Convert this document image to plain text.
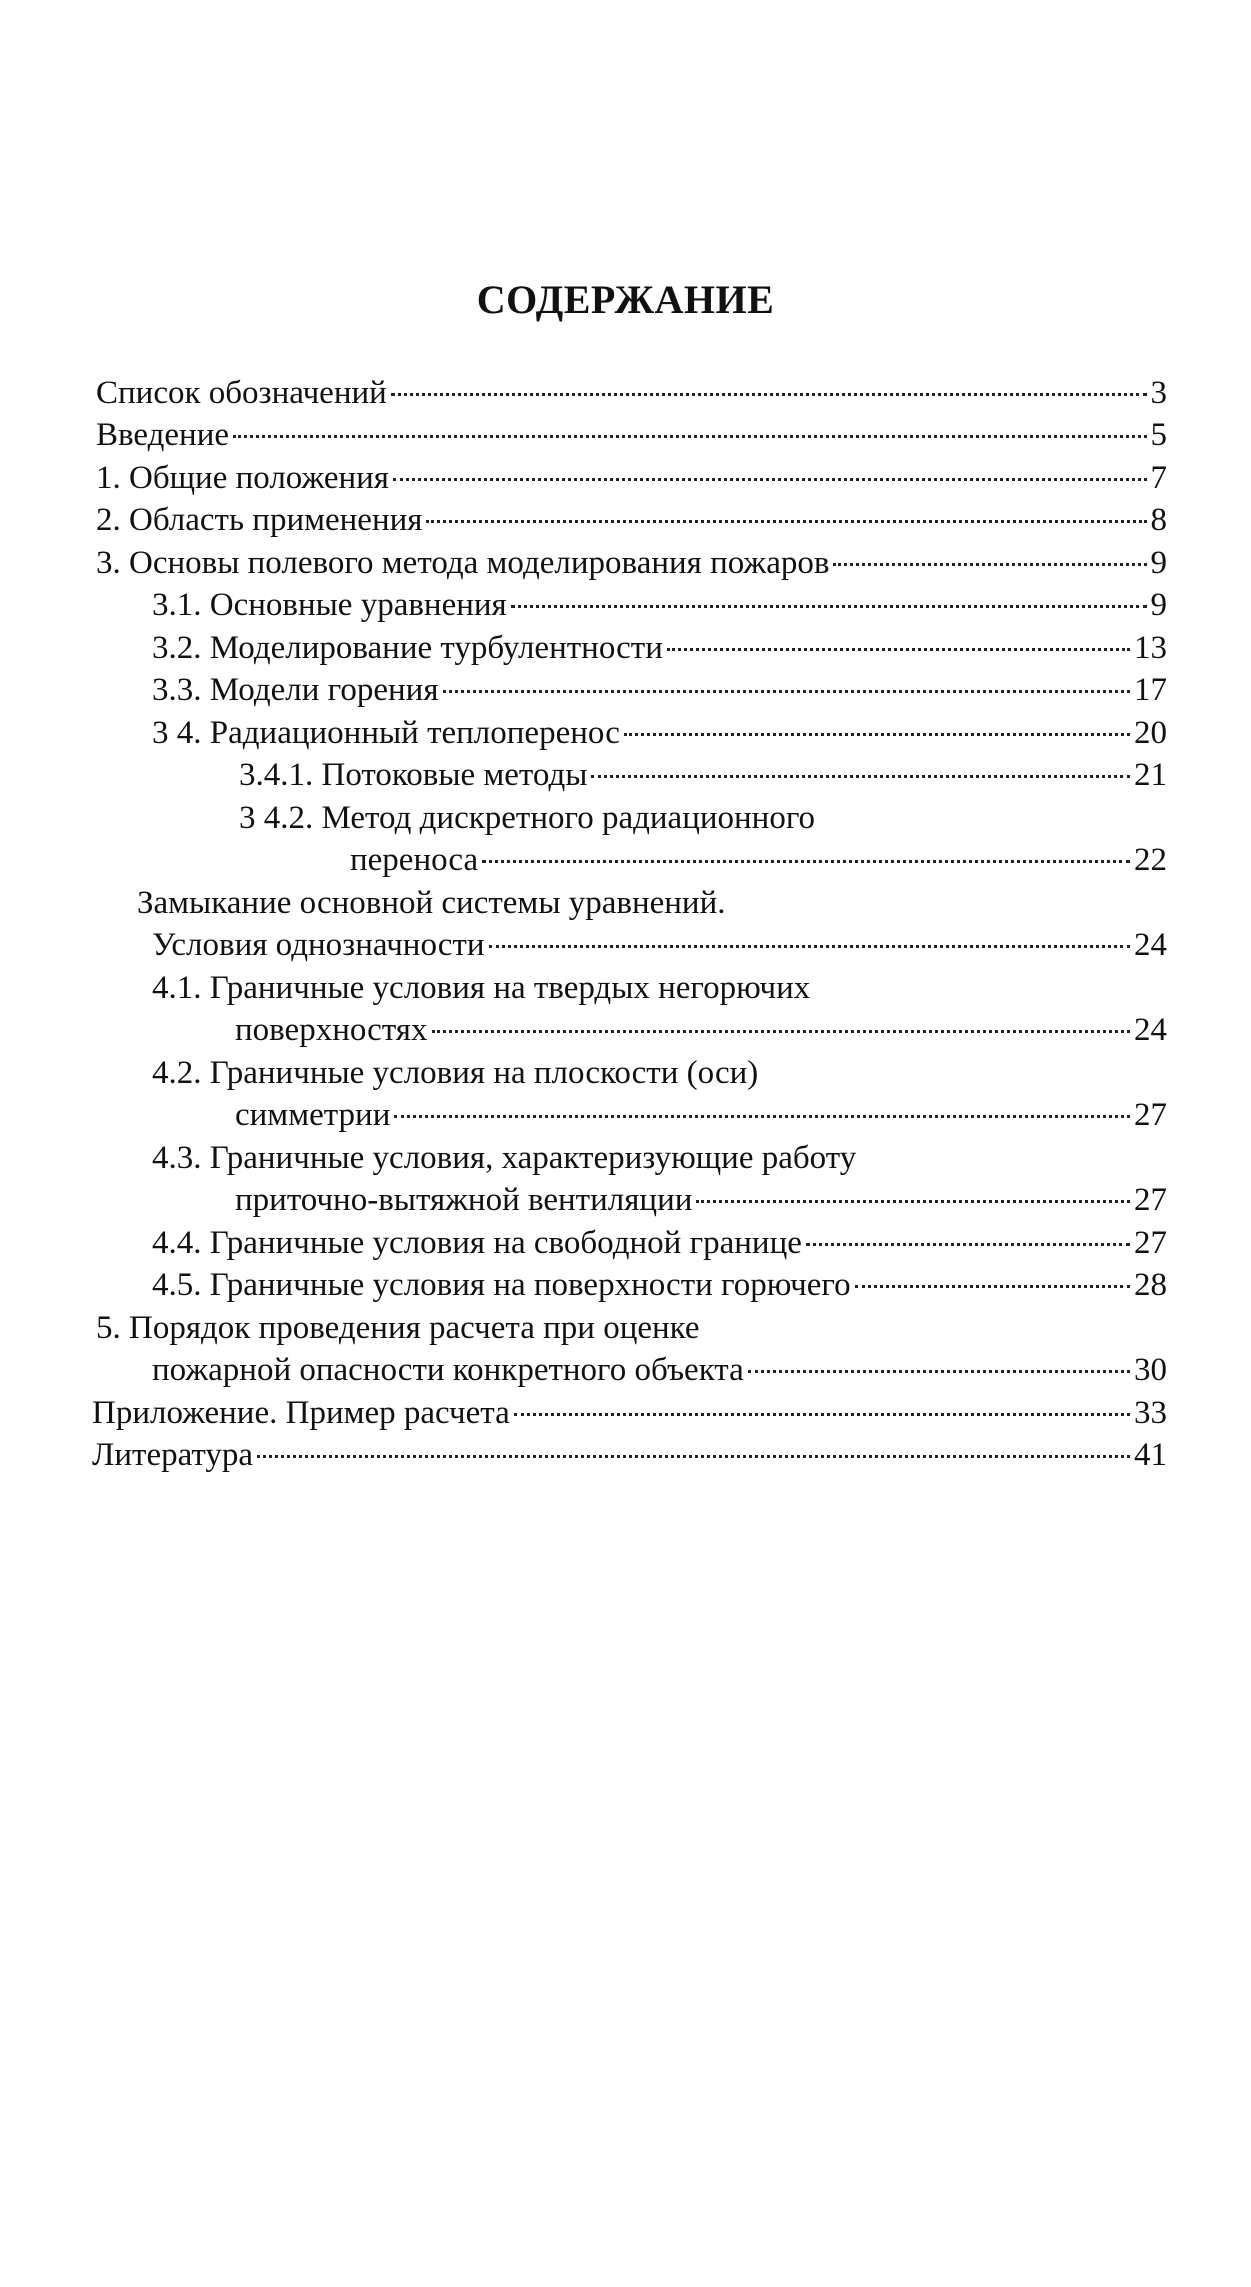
СОДЕРЖАНИЕ
Список обозначений	3
Введение	5
1. Общие положения	7
2. Область применения	8
3. Основы полевого метода моделирования пожаров	9
3.1. Основные уравнения	9
3.2. Моделирование турбулентности	13
3.3. Модели горения	17
3 4. Радиационный теплоперенос	20
3.4.1. Потоковые методы	21
3 4.2. Метод дискретного радиационного
переноса	22
Замыкание основной системы уравнений.
Условия однозначности	24
4.1. Граничные условия на твердых негорючих
поверхностях	24
4.2. Граничные условия на плоскости (оси)
симметрии	27
4.3. Граничные условия, характеризующие работу
приточно-вытяжной вентиляции	27
4.4. Граничные условия на свободной границе	27
4.5. Граничные условия на поверхности горючего	28
5. Порядок проведения расчета при оценке
пожарной опасности конкретного объекта	30
Приложение. Пример расчета	33
Литература	41
